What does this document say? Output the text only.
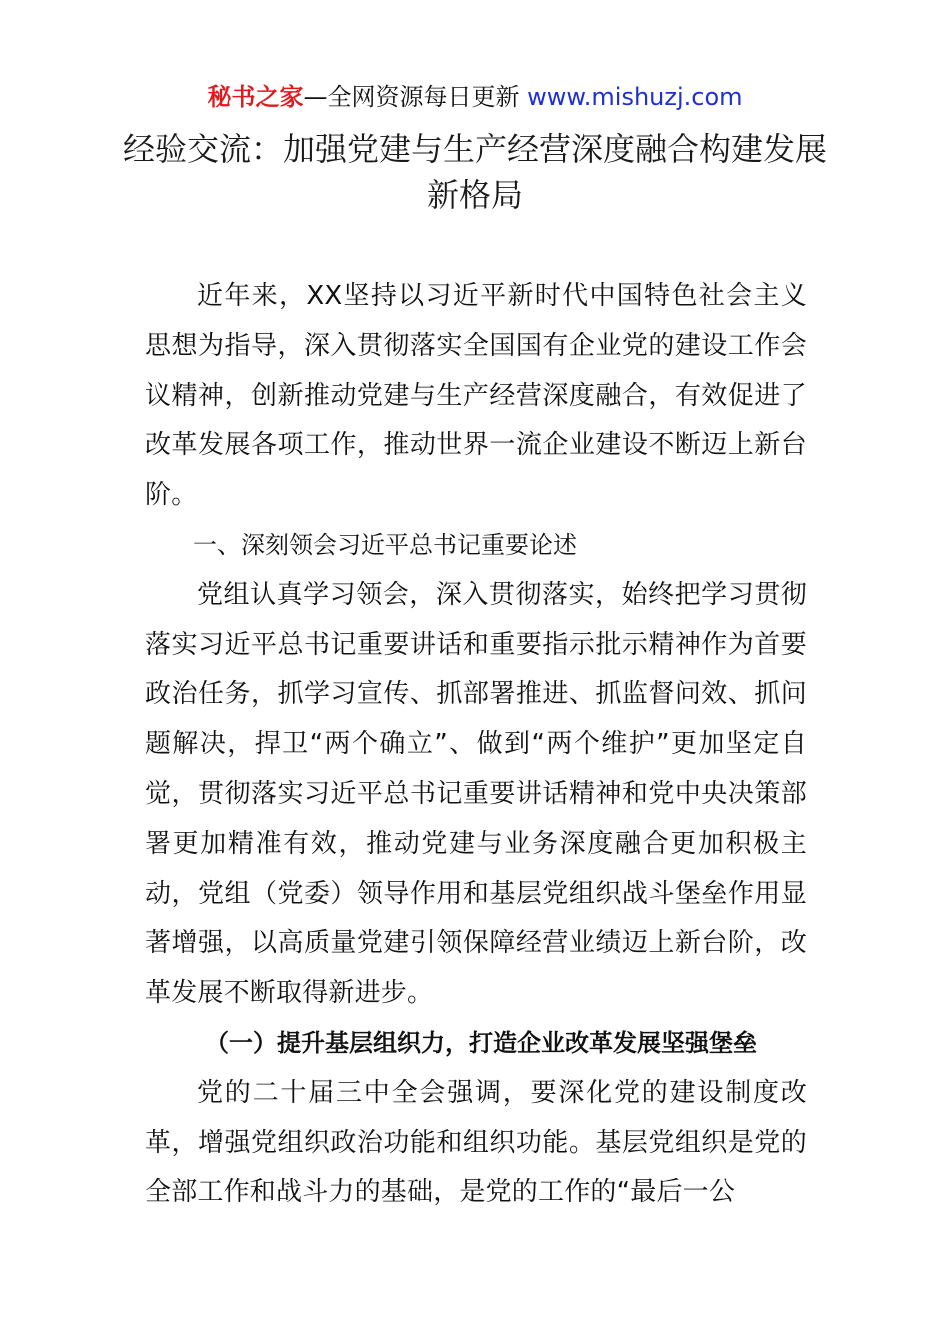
秘书之家—全网资源每日更新 www.mishuzj.com
经验交流：加强党建与生产经营深度融合构建发展新格局

近年来，XX坚持以习近平新时代中国特色社会主义思想为指导，深入贯彻落实全国国有企业党的建设工作会议精神，创新推动党建与生产经营深度融合，有效促进了改革发展各项工作，推动世界一流企业建设不断迈上新台阶。

一、深刻领会习近平总书记重要论述

党组认真学习领会，深入贯彻落实，始终把学习贯彻落实习近平总书记重要讲话和重要指示批示精神作为首要政治任务，抓学习宣传、抓部署推进、抓监督问效、抓问题解决，捍卫“两个确立”、做到“两个维护”更加坚定自觉，贯彻落实习近平总书记重要讲话精神和党中央决策部署更加精准有效，推动党建与业务深度融合更加积极主动，党组（党委）领导作用和基层党组织战斗堡垒作用显著增强，以高质量党建引领保障经营业绩迈上新台阶，改革发展不断取得新进步。

（一）提升基层组织力，打造企业改革发展坚强堡垒

党的二十届三中全会强调，要深化党的建设制度改革，增强党组织政治功能和组织功能。基层党组织是党的全部工作和战斗力的基础，是党的工作的“最后一公
